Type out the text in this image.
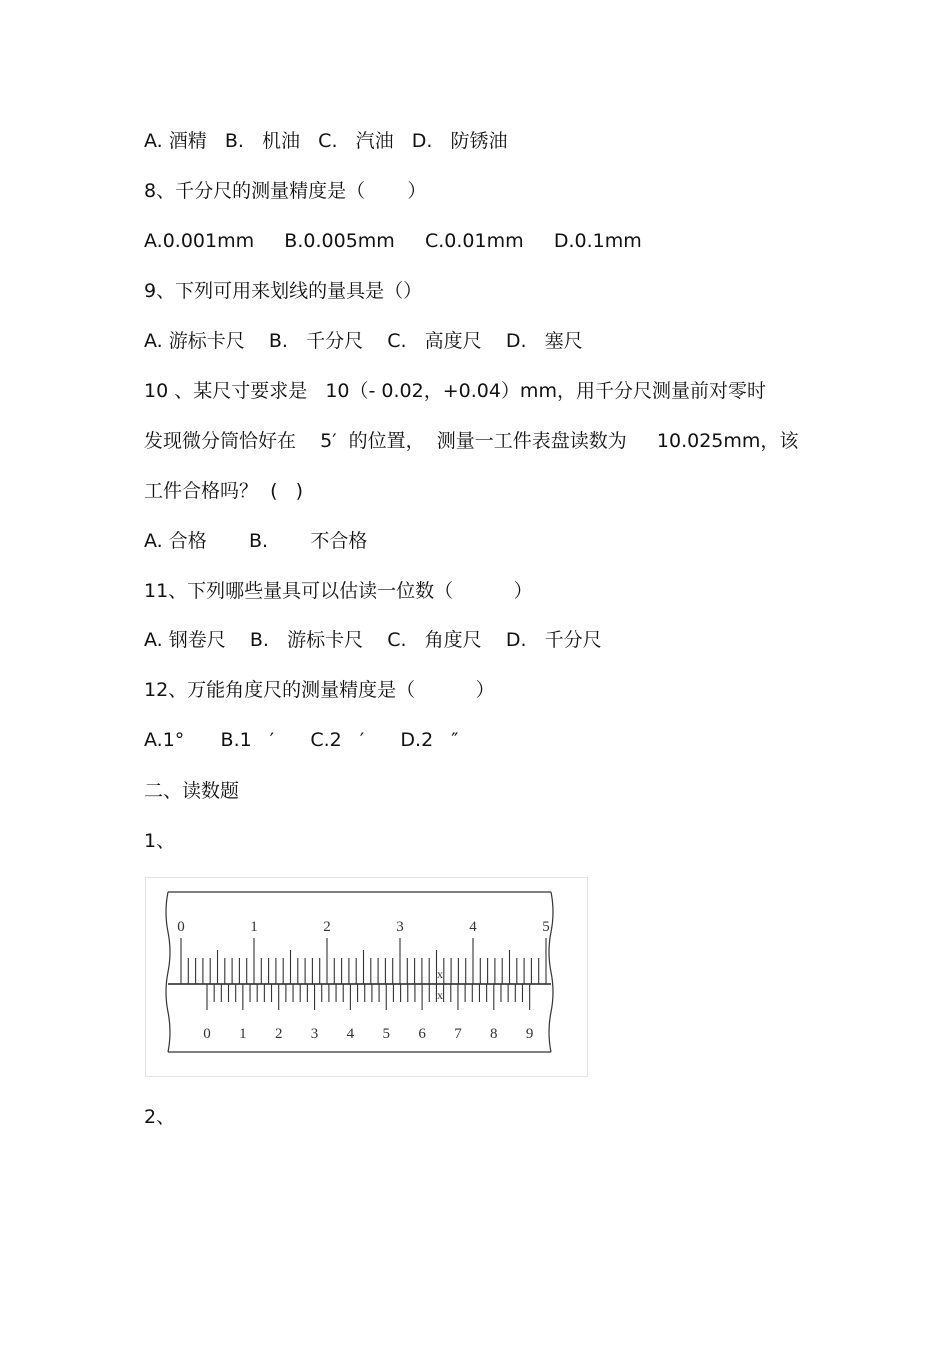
A. 酒精   B.   机油   C.   汽油   D.   防锈油
8、千分尺的测量精度是（       ）
A.0.001mm     B.0.005mm     C.0.01mm     D.0.1mm
9、下列可用来划线的量具是（）
A. 游标卡尺    B.   千分尺    C.   高度尺    D.   塞尺
10 、某尺寸要求是   10（- 0.02，+0.04）mm，用千分尺测量前对零时
发现微分筒恰好在    5′  的位置，  测量一工件表盘读数为     10.025mm，该
工件合格吗？  (   )
A. 合格       B.       不合格
11、下列哪些量具可以估读一位数（          ）
A. 钢卷尺    B.   游标卡尺    C.   角度尺    D.   千分尺
12、万能角度尺的测量精度是（          ）
A.1°      B.1   ′      C.2   ′      D.2   ″
二、读数题
1、
0	1	2	3	4	5
0 1 2 3 4 5 6 7 8 9
x
x
2、
